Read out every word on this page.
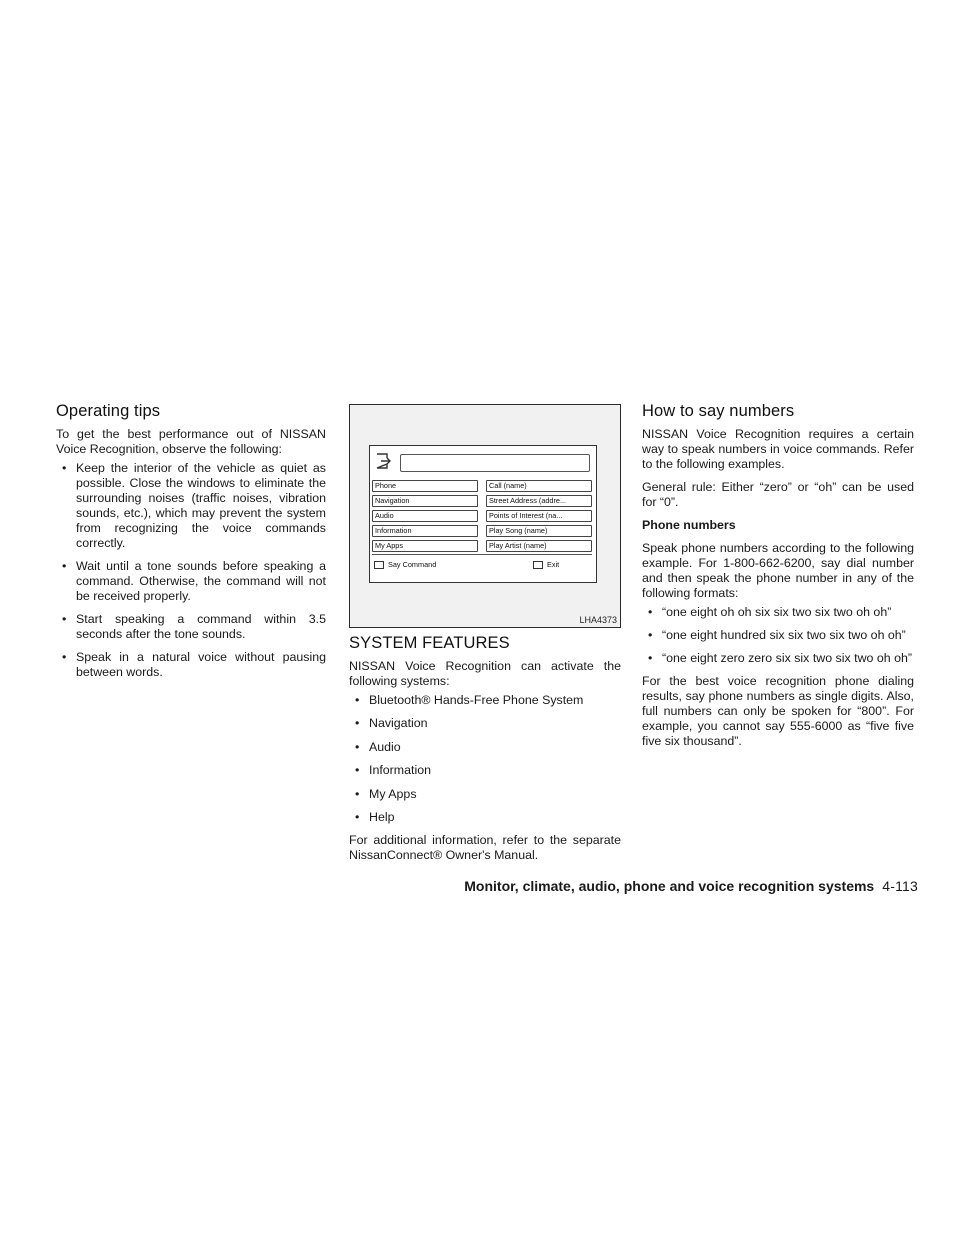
Operating tips

To get the best performance out of NISSAN Voice Recognition, observe the following:

• Keep the interior of the vehicle as quiet as possible. Close the windows to eliminate the surrounding noises (traffic noises, vibration sounds, etc.), which may prevent the system from recognizing the voice commands correctly.
• Wait until a tone sounds before speaking a command. Otherwise, the command will not be received properly.
• Start speaking a command within 3.5 seconds after the tone sounds.
• Speak in a natural voice without pausing between words.
Phone
Navigation
Audio
Information
My Apps
Call (name)
Street Address (addre...
Points of Interest (na...
Play Song (name)
Play Artist (name)
Say Command	Exit
LHA4373
SYSTEM FEATURES

NISSAN Voice Recognition can activate the following systems:

• Bluetooth® Hands-Free Phone System
• Navigation
• Audio
• Information
• My Apps
• Help

For additional information, refer to the separate NissanConnect® Owner's Manual.

How to say numbers

NISSAN Voice Recognition requires a certain way to speak numbers in voice commands. Refer to the following examples.

General rule: Either “zero” or “oh” can be used for “0”.

Phone numbers

Speak phone numbers according to the following example. For 1-800-662-6200, say dial number and then speak the phone number in any of the following formats:

• “one eight oh oh six six two six two oh oh”
• “one eight hundred six six two six two oh oh”
• “one eight zero zero six six two six two oh oh”

For the best voice recognition phone dialing results, say phone numbers as single digits. Also, full numbers can only be spoken for “800”. For example, you cannot say 555-6000 as “five five five six thousand”.

Monitor, climate, audio, phone and voice recognition systems 4-113
